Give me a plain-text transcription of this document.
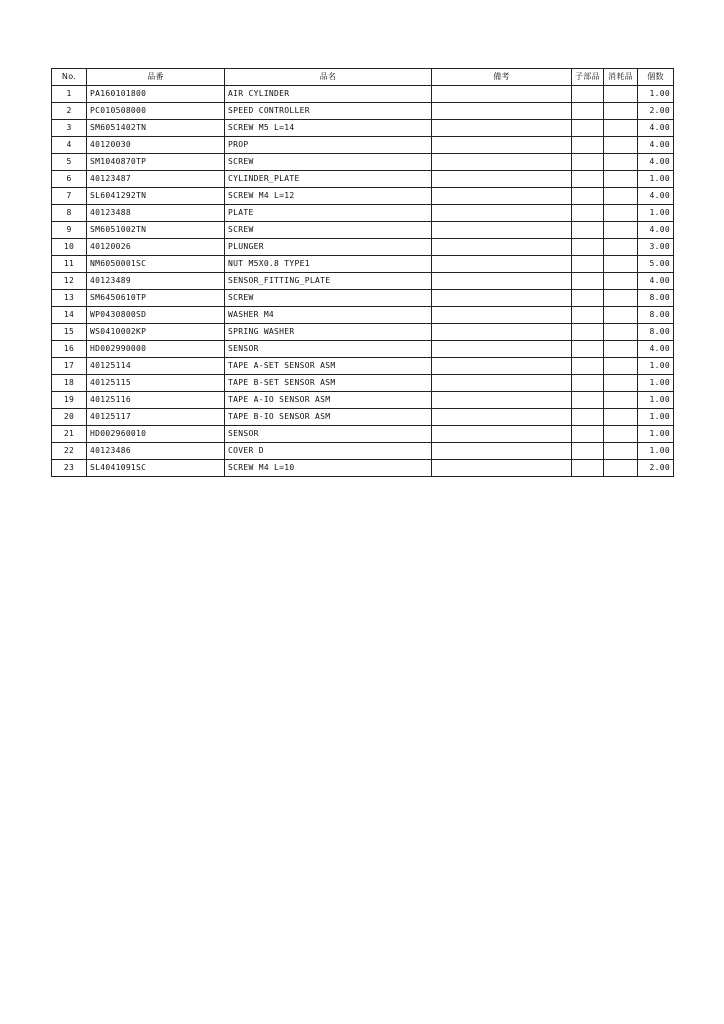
No.	品番	品名	備考	子部品	消耗品	個数
1	PA160101800	AIR CYLINDER				1.00
2	PC010508000	SPEED CONTROLLER				2.00
3	SM6051402TN	SCREW M5 L=14				4.00
4	40120030	PROP				4.00
5	SM1040870TP	SCREW				4.00
6	40123487	CYLINDER_PLATE				1.00
7	SL6041292TN	SCREW M4 L=12				4.00
8	40123488	PLATE				1.00
9	SM6051002TN	SCREW				4.00
10	40120026	PLUNGER				3.00
11	NM6050001SC	NUT M5X0.8 TYPE1				5.00
12	40123489	SENSOR_FITTING_PLATE				4.00
13	SM6450610TP	SCREW				8.00
14	WP0430800SD	WASHER M4				8.00
15	WS0410002KP	SPRING WASHER				8.00
16	HD002990000	SENSOR				4.00
17	40125114	TAPE A-SET SENSOR ASM				1.00
18	40125115	TAPE B-SET SENSOR ASM				1.00
19	40125116	TAPE A-IO SENSOR ASM				1.00
20	40125117	TAPE B-IO SENSOR ASM				1.00
21	HD002960010	SENSOR				1.00
22	40123486	COVER D				1.00
23	SL4041091SC	SCREW M4 L=10				2.00
